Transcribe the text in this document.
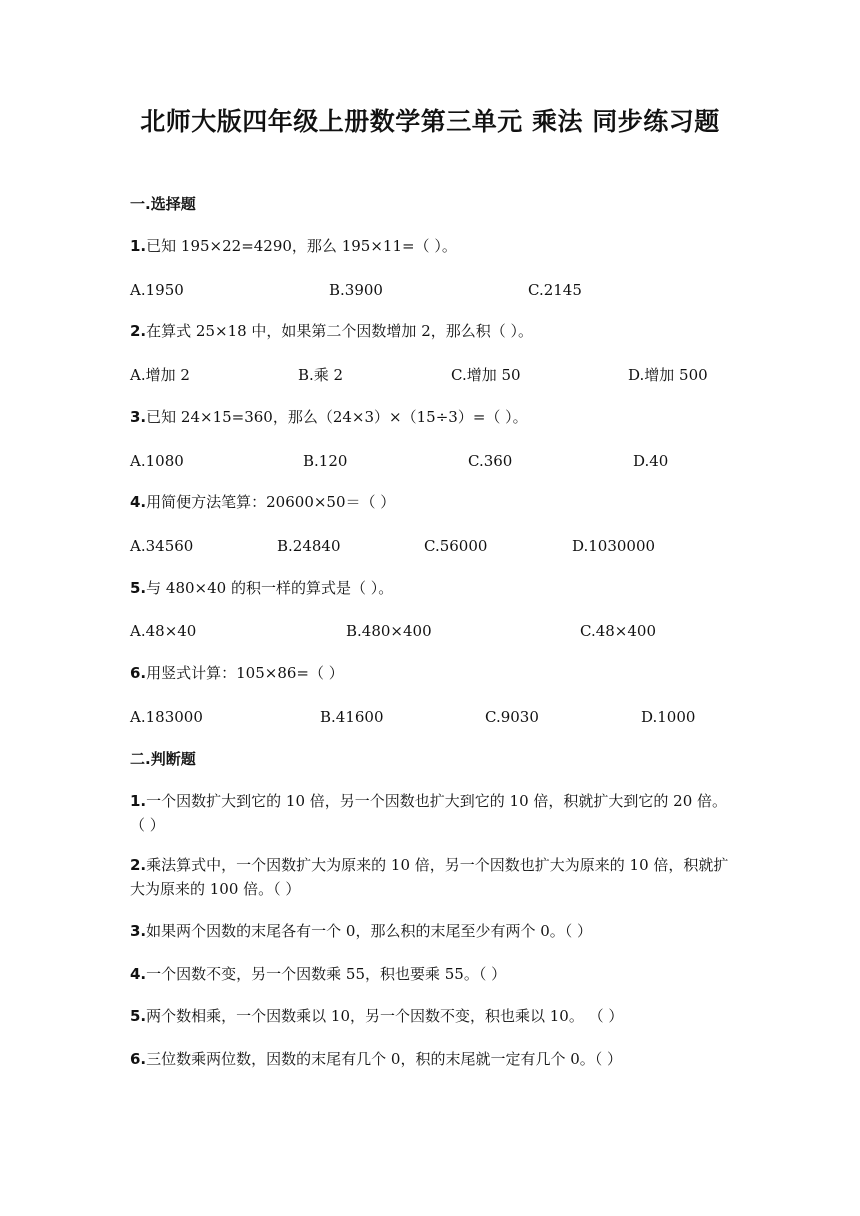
北师大版四年级上册数学第三单元 乘法 同步练习题
一.选择题
1.已知 195×22=4290，那么 195×11=（ ）。
A.1950	B.3900	C.2145
2.在算式 25×18 中，如果第二个因数增加 2，那么积（ ）。
A.增加 2	B.乘 2	C.增加 50	D.增加 500
3.已知 24×15=360，那么（24×3）×（15÷3）=（ ）。
A.1080	B.120	C.360	D.40
4.用简便方法笔算：20600×50＝（ ）
A.34560	B.24840	C.56000	D.1030000
5.与 480×40 的积一样的算式是（ ）。
A.48×40	B.480×400	C.48×400
6.用竖式计算：105×86=（ ）
A.183000	B.41600	C.9030	D.1000
二.判断题
1.一个因数扩大到它的 10 倍，另一个因数也扩大到它的 10 倍，积就扩大到它的 20 倍。（ ）
2.乘法算式中，一个因数扩大为原来的 10 倍，另一个因数也扩大为原来的 10 倍，积就扩大为原来的 100 倍。（ ）
3.如果两个因数的末尾各有一个 0，那么积的末尾至少有两个 0。（ ）
4.一个因数不变，另一个因数乘 55，积也要乘 55。（ ）
5.两个数相乘，一个因数乘以 10，另一个因数不变，积也乘以 10。 （ ）
6.三位数乘两位数，因数的末尾有几个 0，积的末尾就一定有几个 0。（ ）
